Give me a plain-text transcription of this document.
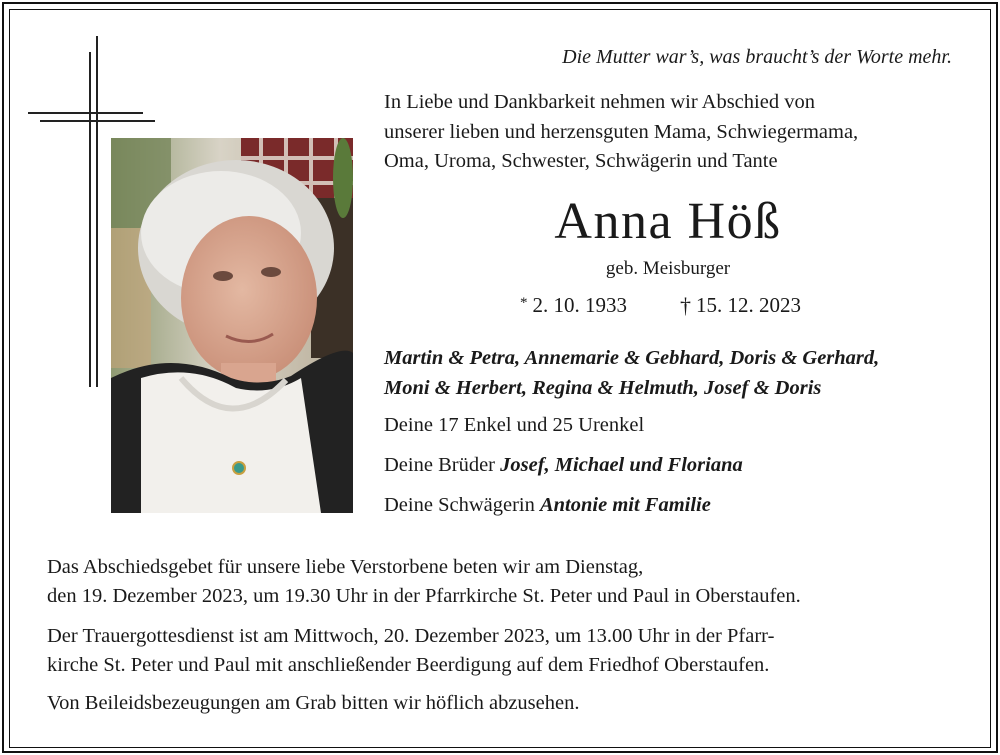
Die Mutter war’s, was braucht’s der Worte mehr.
In Liebe und Dankbarkeit nehmen wir Abschied von
unserer lieben und herzensguten Mama, Schwiegermama,
Oma, Uroma, Schwester, Schwägerin und Tante
Anna Höß
geb. Meisburger
* 2. 10. 1933 † 15. 12. 2023
Martin & Petra, Annemarie & Gebhard, Doris & Gerhard,
Moni & Herbert, Regina & Helmuth, Josef & Doris
Deine 17 Enkel und 25 Urenkel
Deine Brüder Josef, Michael und Floriana
Deine Schwägerin Antonie mit Familie
Das Abschiedsgebet für unsere liebe Verstorbene beten wir am Dienstag,
den 19. Dezember 2023, um 19.30 Uhr in der Pfarrkirche St. Peter und Paul in Oberstaufen.
Der Trauergottesdienst ist am Mittwoch, 20. Dezember 2023, um 13.00 Uhr in der Pfarr-
kirche St. Peter und Paul mit anschließender Beerdigung auf dem Friedhof Oberstaufen.
Von Beileidsbezeugungen am Grab bitten wir höflich abzusehen.
